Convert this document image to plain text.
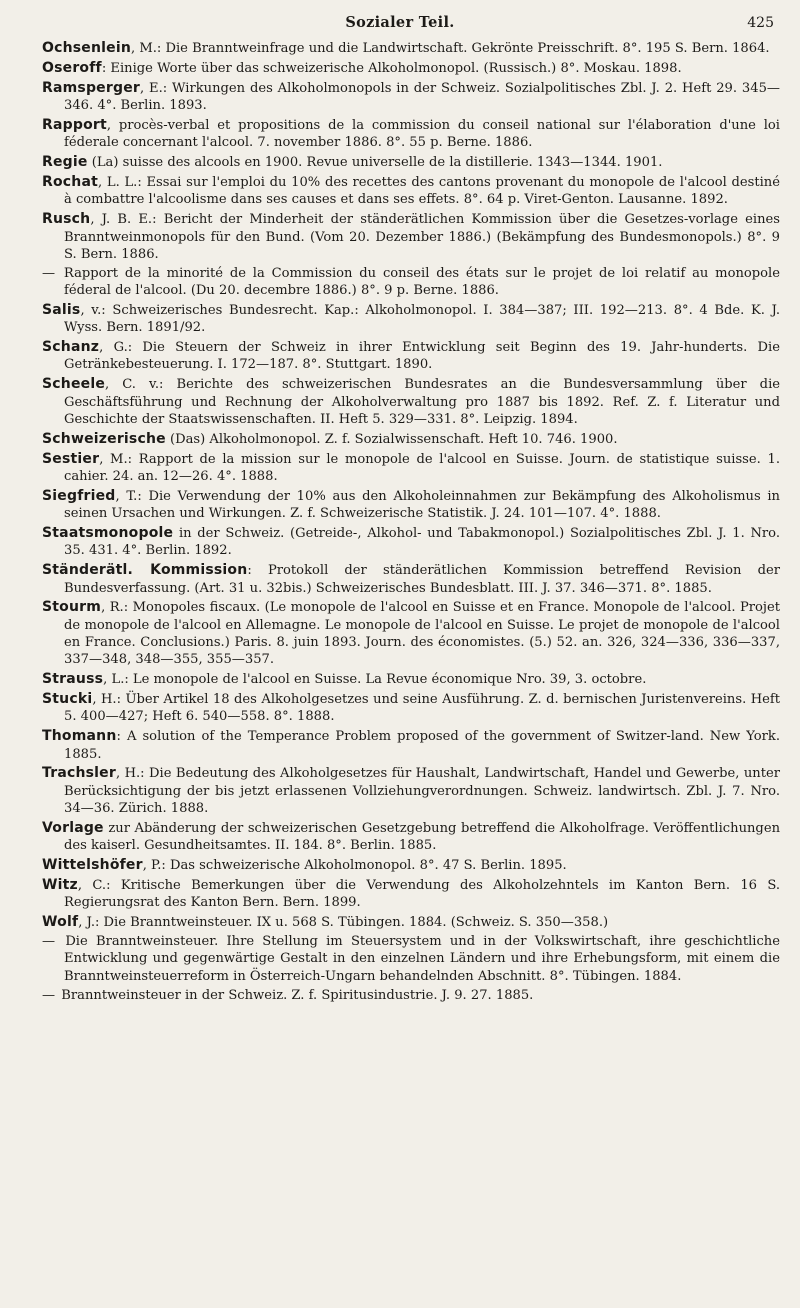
Sozialer Teil.	425

Ochsenlein, M.: Die Branntweinfrage und die Landwirtschaft. Gekrönte Preisschrift. 8°. 195 S. Bern. 1864.

Oseroff: Einige Worte über das schweizerische Alkoholmonopol. (Russisch.) 8°. Moskau. 1898.

Ramsperger, E.: Wirkungen des Alkoholmonopols in der Schweiz. Sozialpolitisches Zbl. J. 2. Heft 29. 345—346. 4°. Berlin. 1893.

Rapport, procès-verbal et propositions de la commission du conseil national sur l'élaboration d'une loi féderale concernant l'alcool. 7. november 1886. 8°. 55 p. Berne. 1886.

Regie (La) suisse des alcools en 1900. Revue universelle de la distillerie. 1343—1344. 1901.

Rochat, L. L.: Essai sur l'emploi du 10% des recettes des cantons provenant du monopole de l'alcool destiné à combattre l'alcoolisme dans ses causes et dans ses effets. 8°. 64 p. Viret-Genton. Lausanne. 1892.

Rusch, J. B. E.: Bericht der Minderheit der ständerätlichen Kommission über die Gesetzes-vorlage eines Branntweinmonopols für den Bund. (Vom 20. Dezember 1886.) (Bekämpfung des Bundesmonopols.) 8°. 9 S. Bern. 1886.

— Rapport de la minorité de la Commission du conseil des états sur le projet de loi relatif au monopole féderal de l'alcool. (Du 20. decembre 1886.) 8°. 9 p. Berne. 1886.

Salis, v.: Schweizerisches Bundesrecht. Kap.: Alkoholmonopol. I. 384—387; III. 192—213. 8°. 4 Bde. K. J. Wyss. Bern. 1891/92.

Schanz, G.: Die Steuern der Schweiz in ihrer Entwicklung seit Beginn des 19. Jahr-hunderts. Die Getränkebesteuerung. I. 172—187. 8°. Stuttgart. 1890.

Scheele, C. v.: Berichte des schweizerischen Bundesrates an die Bundesversammlung über die Geschäftsführung und Rechnung der Alkoholverwaltung pro 1887 bis 1892. Ref. Z. f. Literatur und Geschichte der Staatswissenschaften. II. Heft 5. 329—331. 8°. Leipzig. 1894.

Schweizerische (Das) Alkoholmonopol. Z. f. Sozialwissenschaft. Heft 10. 746. 1900.

Sestier, M.: Rapport de la mission sur le monopole de l'alcool en Suisse. Journ. de statistique suisse. 1. cahier. 24. an. 12—26. 4°. 1888.

Siegfried, T.: Die Verwendung der 10% aus den Alkoholeinnahmen zur Bekämpfung des Alkoholismus in seinen Ursachen und Wirkungen. Z. f. Schweizerische Statistik. J. 24. 101—107. 4°. 1888.

Staatsmonopole in der Schweiz. (Getreide-, Alkohol- und Tabakmonopol.) Sozialpolitisches Zbl. J. 1. Nro. 35. 431. 4°. Berlin. 1892.

Ständerätl. Kommission: Protokoll der ständerätlichen Kommission betreffend Revision der Bundesverfassung. (Art. 31 u. 32bis.) Schweizerisches Bundesblatt. III. J. 37. 346—371. 8°. 1885.

Stourm, R.: Monopoles fiscaux. (Le monopole de l'alcool en Suisse et en France. Monopole de l'alcool. Projet de monopole de l'alcool en Allemagne. Le monopole de l'alcool en Suisse. Le projet de monopole de l'alcool en France. Conclusions.) Paris. 8. juin 1893. Journ. des économistes. (5.) 52. an. 326, 324—336, 336—337, 337—348, 348—355, 355—357.

Strauss, L.: Le monopole de l'alcool en Suisse. La Revue économique Nro. 39, 3. octobre.

Stucki, H.: Über Artikel 18 des Alkoholgesetzes und seine Ausführung. Z. d. bernischen Juristenvereins. Heft 5. 400—427; Heft 6. 540—558. 8°. 1888.

Thomann: A solution of the Temperance Problem proposed of the government of Switzer-land. New York. 1885.

Trachsler, H.: Die Bedeutung des Alkoholgesetzes für Haushalt, Landwirtschaft, Handel und Gewerbe, unter Berücksichtigung der bis jetzt erlassenen Vollziehungverordnungen. Schweiz. landwirtsch. Zbl. J. 7. Nro. 34—36. Zürich. 1888.

Vorlage zur Abänderung der schweizerischen Gesetzgebung betreffend die Alkoholfrage. Veröffentlichungen des kaiserl. Gesundheitsamtes. II. 184. 8°. Berlin. 1885.

Wittelshöfer, P.: Das schweizerische Alkoholmonopol. 8°. 47 S. Berlin. 1895.

Witz, C.: Kritische Bemerkungen über die Verwendung des Alkoholzehntels im Kanton Bern. 16 S. Regierungsrat des Kanton Bern. Bern. 1899.

Wolf, J.: Die Branntweinsteuer. IX u. 568 S. Tübingen. 1884. (Schweiz. S. 350—358.)

— Die Branntweinsteuer. Ihre Stellung im Steuersystem und in der Volkswirtschaft, ihre geschichtliche Entwicklung und gegenwärtige Gestalt in den einzelnen Ländern und ihre Erhebungsform, mit einem die Branntweinsteuerreform in Österreich-Ungarn behandelnden Abschnitt. 8°. Tübingen. 1884.

— Branntweinsteuer in der Schweiz. Z. f. Spiritusindustrie. J. 9. 27. 1885.
